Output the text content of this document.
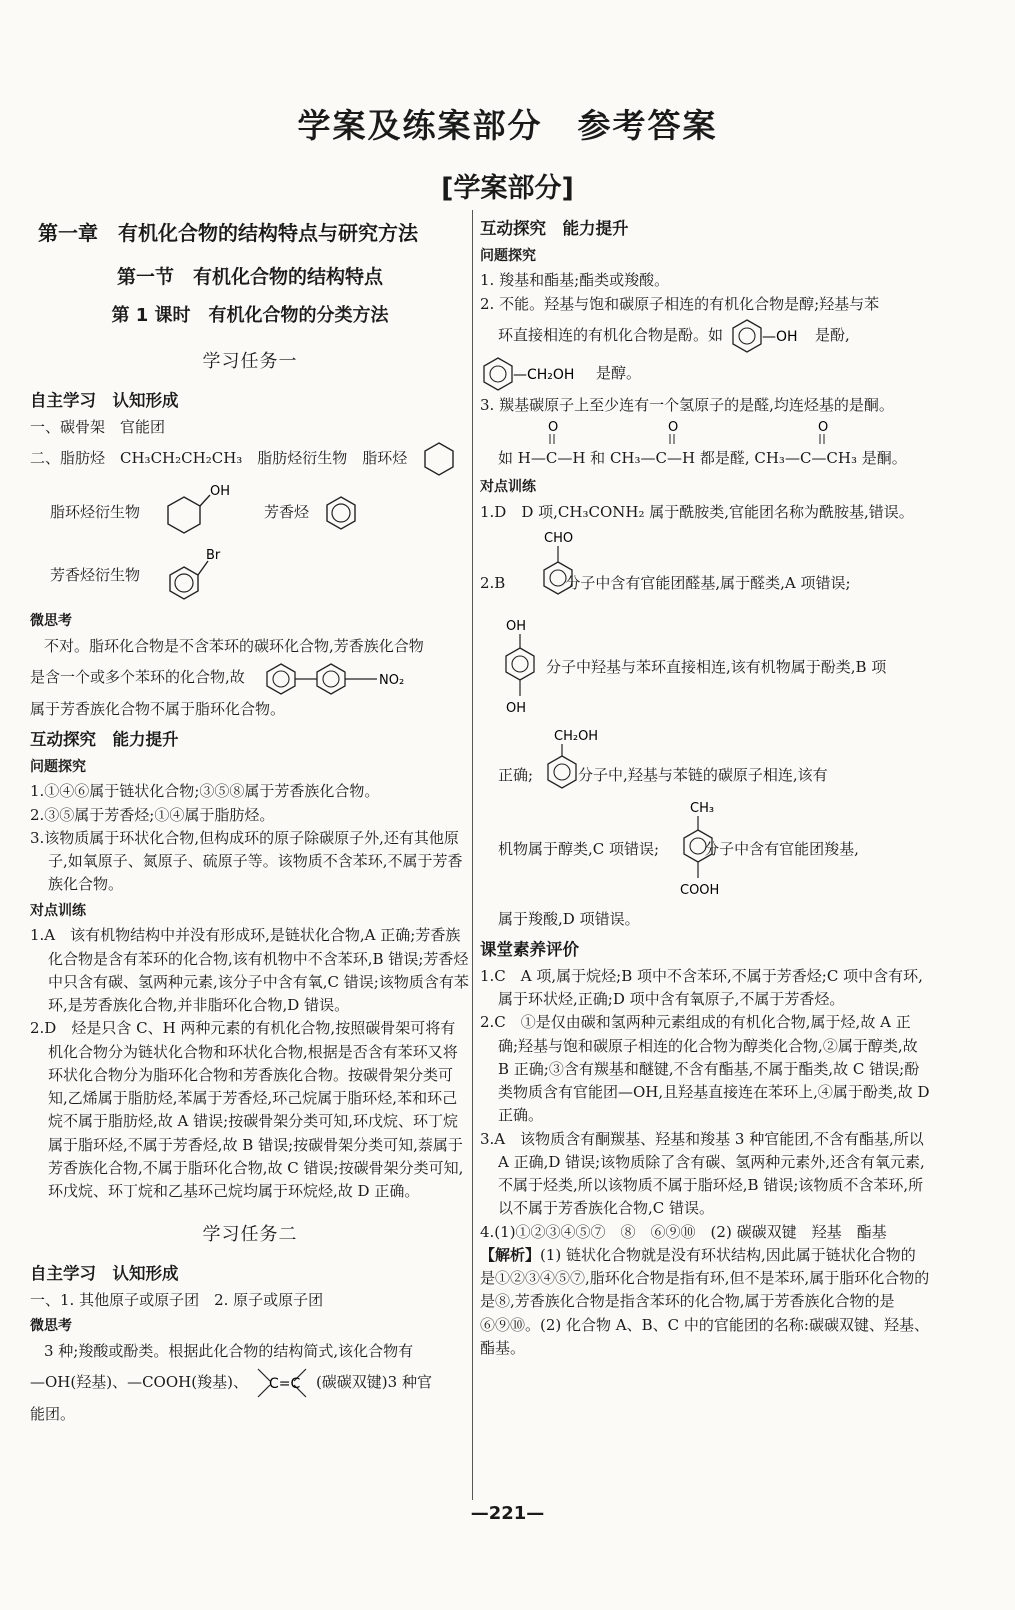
学案及练案部分　参考答案
[学案部分]
第一章　有机化合物的结构特点与研究方法
第一节　有机化合物的结构特点
第 1 课时　有机化合物的分类方法
学习任务一
自主学习　认知形成

一、碳骨架　官能团

二、脂肪烃　CH₃CH₂CH₂CH₃　脂肪烃衍生物　脂环烃
脂环烃衍生物
OH
芳香烃
芳香烃衍生物
Br
微思考

不对。脂环化合物是不含苯环的碳环化合物,芳香族化合物

是含一个或多个苯环的化合物,故	NO₂

属于芳香族化合物不属于脂环化合物。

互动探究　能力提升
问题探究
1.①④⑥属于链状化合物;③⑤⑧属于芳香族化合物。
2.③⑤属于芳香烃;①④属于脂肪烃。
3.该物质属于环状化合物,但构成环的原子除碳原子外,还有其他原子,如氧原子、氮原子、硫原子等。该物质不含苯环,不属于芳香族化合物。
对点训练
1.A　该有机物结构中并没有形成环,是链状化合物,A 正确;芳香族化合物是含有苯环的化合物,该有机物中不含苯环,B 错误;芳香烃中只含有碳、氢两种元素,该分子中含有氧,C 错误;该物质含有苯环,是芳香族化合物,并非脂环化合物,D 错误。
2.D　烃是只含 C、H 两种元素的有机化合物,按照碳骨架可将有机化合物分为链状化合物和环状化合物,根据是否含有苯环又将环状化合物分为脂环化合物和芳香族化合物。按碳骨架分类可知,乙烯属于脂肪烃,苯属于芳香烃,环己烷属于脂环烃,苯和环己烷不属于脂肪烃,故 A 错误;按碳骨架分类可知,环戊烷、环丁烷属于脂环烃,不属于芳香烃,故 B 错误;按碳骨架分类可知,萘属于芳香族化合物,不属于脂环化合物,故 C 错误;按碳骨架分类可知,环戊烷、环丁烷和乙基环己烷均属于环烷烃,故 D 正确。
学习任务二
自主学习　认知形成

一、1. 其他原子或原子团　2. 原子或原子团

微思考

3 种;羧酸或酚类。根据此化合物的结构简式,该化合物有

—OH(羟基)、—COOH(羧基)、 C=C (碳碳双键)3 种官

能团。

互动探究　能力提升
问题探究

1. 羧基和酯基;酯类或羧酸。

2. 不能。羟基与饱和碳原子相连的有机化合物是醇;羟基与苯

环直接相连的有机化合物是酚。如	—OH 是酚,
—CH₂OH 是醇。

3. 羰基碳原子上至少连有一个氢原子的是醛,均连烃基的是酮。

O	O	O

如 H—C—H 和 CH₃—C—H 都是醛, CH₃—C—CH₃ 是酮。

对点训练
1.D　D 项,CH₃CONH₂ 属于酰胺类,官能团名称为酰胺基,错误。
CHO

2.B　　　　分子中含有官能团醛基,属于醛类,A 项错误;

OH
OH

分子中羟基与苯环直接相连,该有机物属于酚类,B 项

CH₂OH

正确;　　　分子中,羟基与苯链的碳原子相连,该有

CH₃
COOH

机物属于醇类,C 项错误;　　　分子中含有官能团羧基,

属于羧酸,D 项错误。

课堂素养评价
1.C　A 项,属于烷烃;B 项中不含苯环,不属于芳香烃;C 项中含有环,属于环状烃,正确;D 项中含有氧原子,不属于芳香烃。
2.C　①是仅由碳和氢两种元素组成的有机化合物,属于烃,故 A 正确;羟基与饱和碳原子相连的化合物为醇类化合物,②属于醇类,故 B 正确;③含有羰基和醚键,不含有酯基,不属于酯类,故 C 错误;酚类物质含有官能团—OH,且羟基直接连在苯环上,④属于酚类,故 D 正确。
3.A　该物质含有酮羰基、羟基和羧基 3 种官能团,不含有酯基,所以 A 正确,D 错误;该物质除了含有碳、氢两种元素外,还含有氧元素,不属于烃类,所以该物质不属于脂环烃,B 错误;该物质不含苯环,所以不属于芳香族化合物,C 错误。
4.(1)①②③④⑤⑦　⑧　⑥⑨⑩　(2) 碳碳双键　羟基　酯基

【解析】(1) 链状化合物就是没有环状结构,因此属于链状化合物的是①②③④⑤⑦,脂环化合物是指有环,但不是苯环,属于脂环化合物的是⑧,芳香族化合物是指含苯环的化合物,属于芳香族化合物的是⑥⑨⑩。(2) 化合物 A、B、C 中的官能团的名称:碳碳双键、羟基、酯基。

—221—
